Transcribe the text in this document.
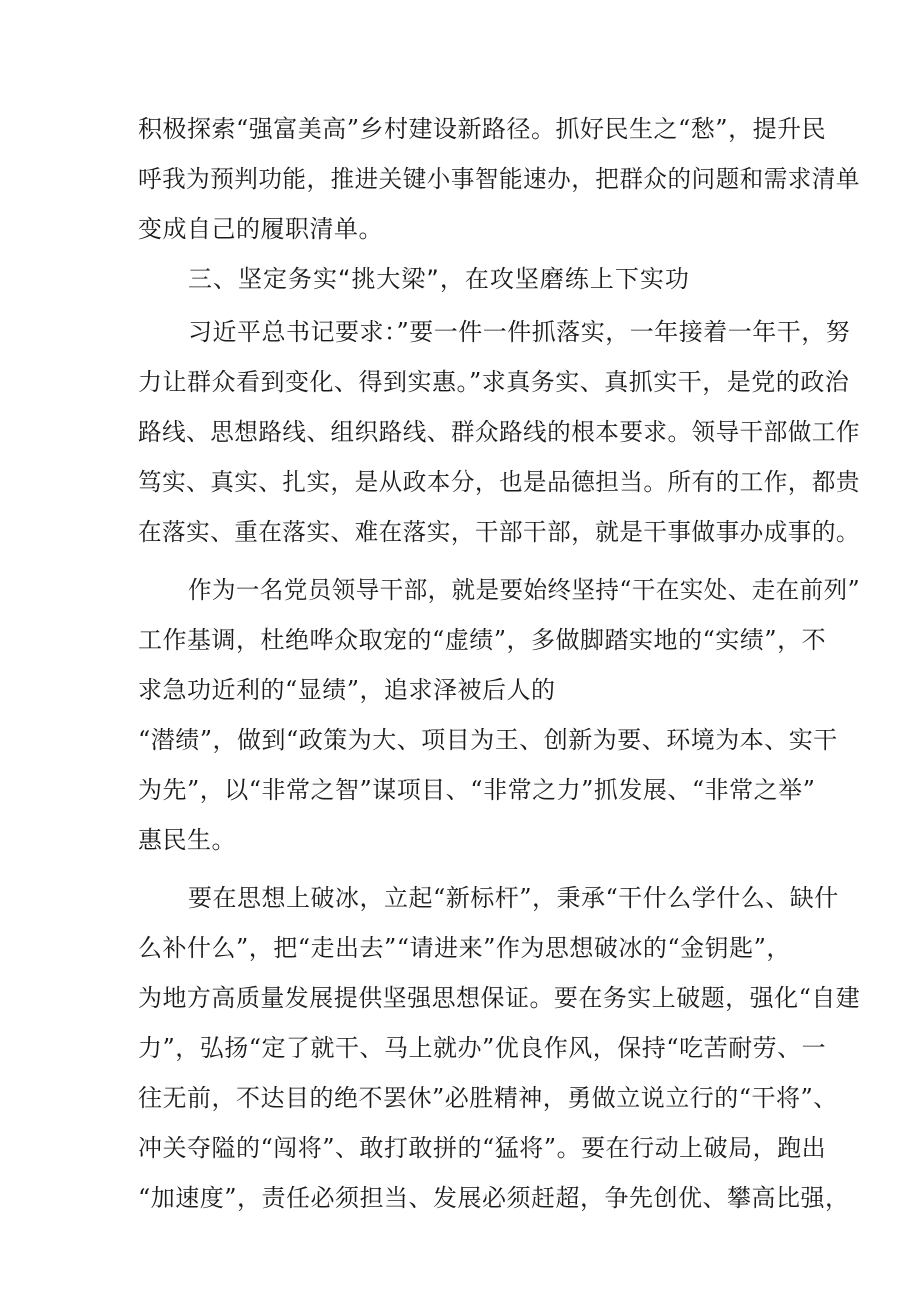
积极探索“强富美高”乡村建设新路径。抓好民生之“愁”，提升民
呼我为预判功能，推进关键小事智能速办，把群众的问题和需求清单
变成自己的履职清单。
三、坚定务实“挑大梁”，在攻坚磨练上下实功
习近平总书记要求：”要一件一件抓落实，一年接着一年干，努
力让群众看到变化、得到实惠。”求真务实、真抓实干，是党的政治
路线、思想路线、组织路线、群众路线的根本要求。领导干部做工作
笃实、真实、扎实，是从政本分，也是品德担当。所有的工作，都贵
在落实、重在落实、难在落实，干部干部，就是干事做事办成事的。
作为一名党员领导干部，就是要始终坚持“干在实处、走在前列”
工作基调，杜绝哗众取宠的“虚绩”，多做脚踏实地的“实绩”，不
求急功近利的“显绩”，追求泽被后人的
“潜绩”，做到“政策为大、项目为王、创新为要、环境为本、实干
为先”，以“非常之智”谋项目、“非常之力”抓发展、“非常之举”
惠民生。
要在思想上破冰，立起“新标杆”，秉承“干什么学什么、缺什
么补什么”，把“走出去”“请进来”作为思想破冰的“金钥匙”，
为地方高质量发展提供坚强思想保证。要在务实上破题，强化“自建
力”，弘扬“定了就干、马上就办”优良作风，保持“吃苦耐劳、一
往无前，不达目的绝不罢休”必胜精神，勇做立说立行的“干将”、
冲关夺隘的“闯将”、敢打敢拼的“猛将”。要在行动上破局，跑出
“加速度”，责任必须担当、发展必须赶超，争先创优、攀高比强，
